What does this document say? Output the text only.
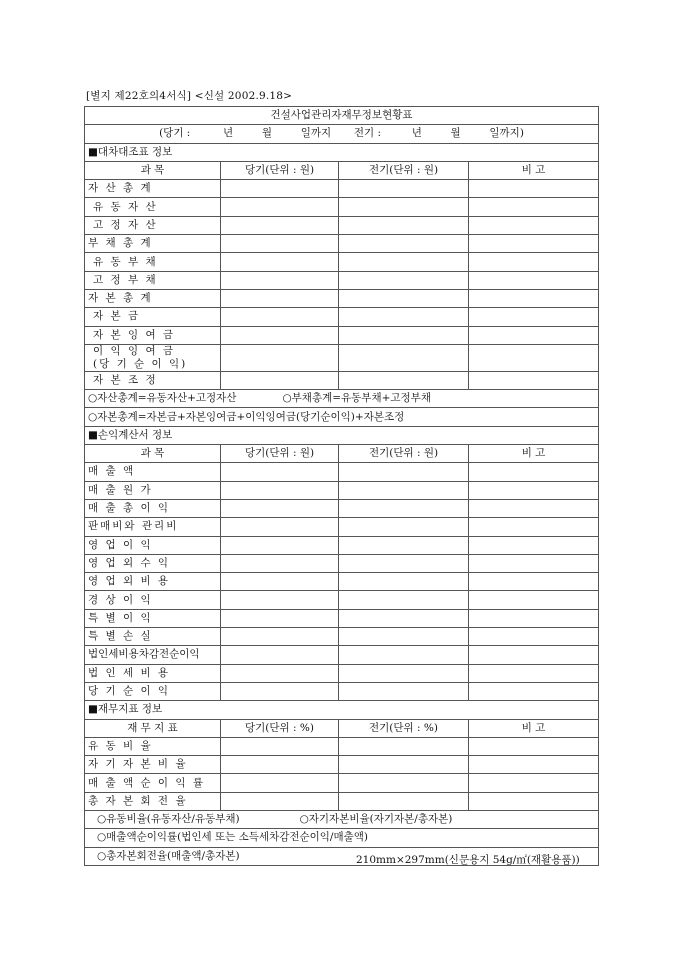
[별지 제22호의4서식] <신설 2002.9.18>
건설사업관리자재무정보현황표			
(당기 : 년 월 일까지 전기 : 년 월 일까지)			
■대차대조표 정보			
과 목	당기(단위 : 원)	전기(단위 : 원)	비 고
자 산 총 계			
유 동 자 산			
고 정 자 산			
부 채 총 계			
유 동 부 채			
고 정 부 채			
자 본 총 계			
자 본 금			
자 본 잉 여 금			

이 익 잉 여 금
(당 기 순 이 익)			

자 본 조 정			
○자산총계=유동자산+고정자산 ○부채총계=유동부채+고정부채			
○자본총계=자본금+자본잉여금+이익잉여금(당기순이익)+자본조정			
■손익계산서 정보			
과 목	당기(단위 : 원)	전기(단위 : 원)	비 고
매 출 액			
매 출 원 가			
매 출 총 이 익			
판매비와 관리비			
영 업 이 익			
영 업 외 수 익			
영 업 외 비 용			
경 상 이 익			
특 별 이 익			
특 별 손 실			
법인세비용차감전순이익			
법 인 세 비 용			
당 기 순 이 익			
■재무지표 정보			
재 무 지 표	당기(단위 : %)	전기(단위 : %)	비 고
유 동 비 율			
자 기 자 본 비 율			
매 출 액 순 이 익 률			
총 자 본 회 전 율			
○유동비율(유동자산/유동부채) ○자기자본비율(자기자본/총자본)			
○매출액순이익률(법인세 또는 소득세차감전순이익/매출액)			
○총자본회전율(매출액/총자본)				210mm×297mm(신문용지 54g/㎡(재활용품))
